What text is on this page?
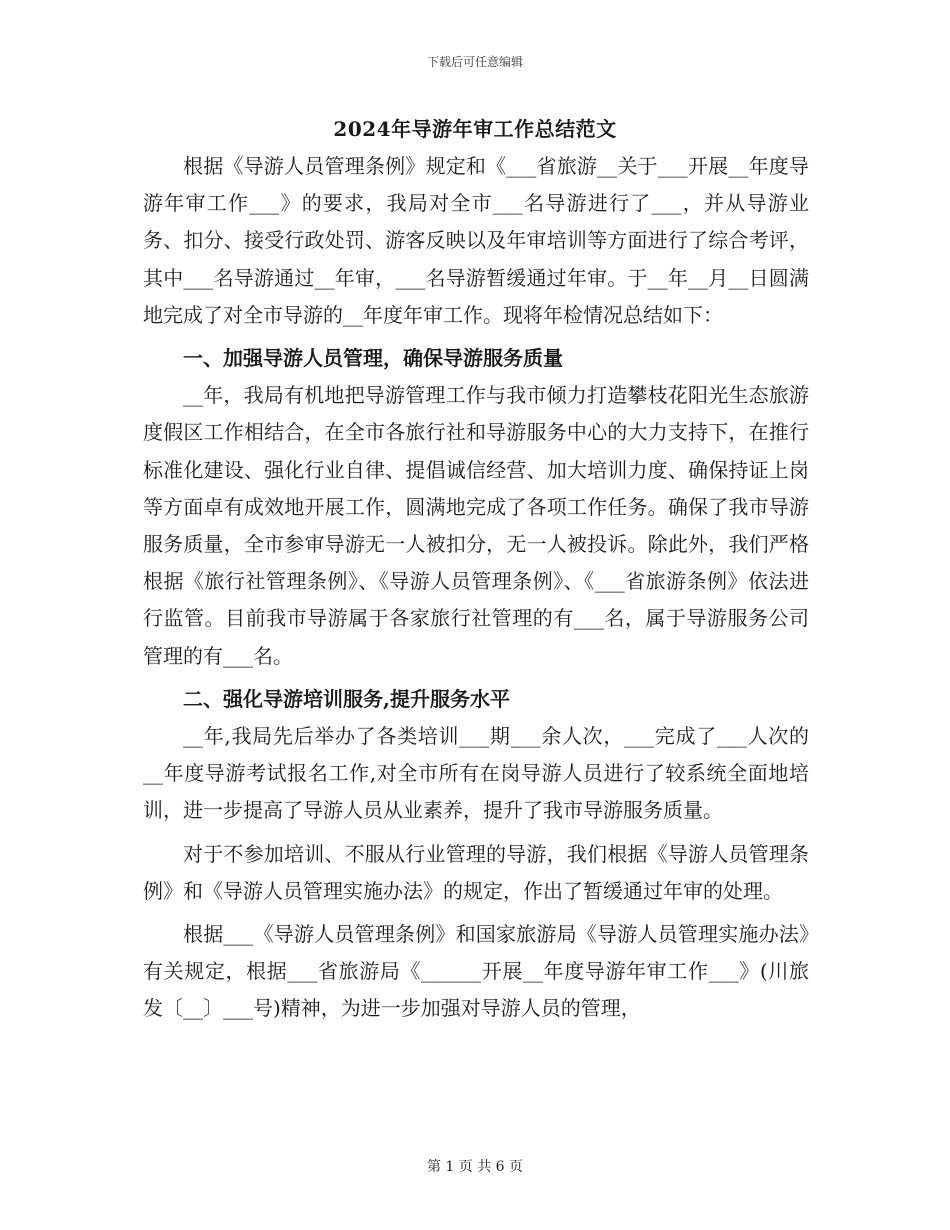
下载后可任意编辑
2024年导游年审工作总结范文

根据《导游人员管理条例》规定和《___省旅游__关于___开展__年度导游年审工作___》的要求，我局对全市___名导游进行了___，并从导游业务、扣分、接受行政处罚、游客反映以及年审培训等方面进行了综合考评，其中___名导游通过__年审，___名导游暂缓通过年审。于__年__月__日圆满地完成了对全市导游的__年度年审工作。现将年检情况总结如下：

一、加强导游人员管理，确保导游服务质量

__年，我局有机地把导游管理工作与我市倾力打造攀枝花阳光生态旅游度假区工作相结合，在全市各旅行社和导游服务中心的大力支持下，在推行标准化建设、强化行业自律、提倡诚信经营、加大培训力度、确保持证上岗等方面卓有成效地开展工作，圆满地完成了各项工作任务。确保了我市导游服务质量，全市参审导游无一人被扣分，无一人被投诉。除此外，我们严格根据《旅行社管理条例》、《导游人员管理条例》、《___省旅游条例》依法进行监管。目前我市导游属于各家旅行社管理的有___名，属于导游服务公司管理的有___名。

二、强化导游培训服务,提升服务水平

__年,我局先后举办了各类培训___期___余人次，___完成了___人次的__年度导游考试报名工作,对全市所有在岗导游人员进行了较系统全面地培训，进一步提高了导游人员从业素养，提升了我市导游服务质量。

对于不参加培训、不服从行业管理的导游，我们根据《导游人员管理条例》和《导游人员管理实施办法》的规定，作出了暂缓通过年审的处理。

根据___《导游人员管理条例》和国家旅游局《导游人员管理实施办法》有关规定，根据___省旅游局《______开展__年度导游年审工作___》(川旅发〔__〕___号)精神，为进一步加强对导游人员的管理，

第 1 页 共 6 页
